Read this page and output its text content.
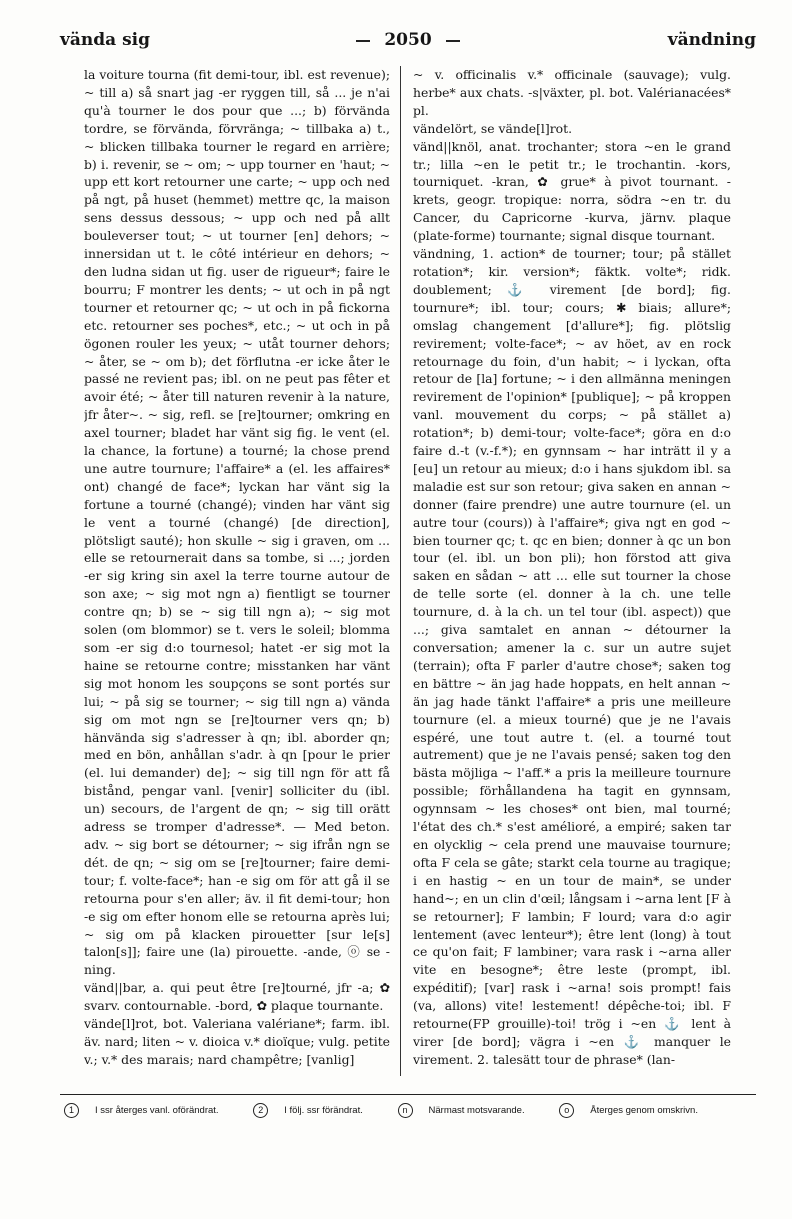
vända sig	2050	vändning

la voiture tourna (fit demi-tour, ibl. est revenue); ~ till a) så snart jag -er ryggen till, så ... je n'ai qu'à tourner le dos pour que ...; b) förvända tordre, se förvända, förvränga; ~ tillbaka a) t., ~ blicken tillbaka tourner le regard en arrière; b) i. revenir, se ~ om; ~ upp tourner en 'haut; ~ upp ett kort retourner une carte; ~ upp och ned på ngt, på huset (hemmet) mettre qc, la maison sens dessus dessous; ~ upp och ned på allt bouleverser tout; ~ ut tourner [en] dehors; ~ innersidan ut t. le côté intérieur en dehors; ~ den ludna sidan ut fig. user de rigueur*; faire le bourru; F montrer les dents; ~ ut och in på ngt tourner et retourner qc; ~ ut och in på fickorna etc. retourner ses poches*, etc.; ~ ut och in på ögonen rouler les yeux; ~ utåt tourner dehors; ~ åter, se ~ om b); det förflutna -er icke åter le passé ne revient pas; ibl. on ne peut pas fêter et avoir été; ~ åter till naturen revenir à la nature, jfr åter~. ~ sig, refl. se [re]tourner; omkring en axel tourner; bladet har vänt sig fig. le vent (el. la chance, la fortune) a tourné; la chose prend une autre tournure; l'affaire* a (el. les affaires* ont) changé de face*; lyckan har vänt sig la fortune a tourné (changé); vinden har vänt sig le vent a tourné (changé) [de direction], plötsligt sauté); hon skulle ~ sig i graven, om ... elle se retournerait dans sa tombe, si ...; jorden -er sig kring sin axel la terre tourne autour de son axe; ~ sig mot ngn a) fientligt se tourner contre qn; b) se ~ sig till ngn a); ~ sig mot solen (om blommor) se t. vers le soleil; blomma som -er sig d:o tournesol; hatet -er sig mot la haine se retourne contre; misstanken har vänt sig mot honom les soupçons se sont portés sur lui; ~ på sig se tourner; ~ sig till ngn a) vända sig om mot ngn se [re]tourner vers qn; b) hänvända sig s'adresser à qn; ibl. aborder qn; med en bön, anhållan s'adr. à qn [pour le prier (el. lui demander) de]; ~ sig till ngn för att få bistånd, pengar vanl. [venir] solliciter du (ibl. un) secours, de l'argent de qn; ~ sig till orätt adress se tromper d'adresse*. — Med beton. adv. ~ sig bort se détourner; ~ sig ifrån ngn se dét. de qn; ~ sig om se [re]tourner; faire demi-tour; f. volte-face*; han -e sig om för att gå il se retourna pour s'en aller; äv. il fit demi-tour; hon -e sig om efter honom elle se retourna après lui; ~ sig om på klacken pirouetter [sur le[s] talon[s]]; faire une (la) pirouette. -ande, ⓞ se -ning.

vänd||bar, a. qui peut être [re]tourné, jfr -a; ✿ svarv. contournable. -bord, ✿ plaque tournante.

vände[l]rot, bot. Valeriana valériane*; farm. ibl. äv. nard; liten ~ v. dioica v.* dioïque; vulg. petite v.; v.* des marais; nard champêtre; [vanlig]

~ v. officinalis v.* officinale (sauvage); vulg. herbe* aux chats. -s|växter, pl. bot. Valérianacées* pl.

vändelört, se vände[l]rot.

vänd||knöl, anat. trochanter; stora ~en le grand tr.; lilla ~en le petit tr.; le trochantin. -kors, tourniquet. -kran, ✿ grue* à pivot tournant. -krets, geogr. tropique: norra, södra ~en tr. du Cancer, du Capricorne -kurva, järnv. plaque (plate-forme) tournante; signal disque tournant.

vändning, 1. action* de tourner; tour; på stället rotation*; kir. version*; fäktk. volte*; ridk. doublement; ⚓ virement [de bord]; fig. tournure*; ibl. tour; cours; ✱ biais; allure*; omslag changement [d'allure*]; fig. plötslig revirement; volte-face*; ~ av höet, av en rock retournage du foin, d'un habit; ~ i lyckan, ofta retour de [la] fortune; ~ i den allmänna meningen revirement de l'opinion* [publique]; ~ på kroppen vanl. mouvement du corps; ~ på stället a) rotation*; b) demi-tour; volte-face*; göra en d:o faire d.-t (v.-f.*); en gynnsam ~ har inträtt il y a [eu] un retour au mieux; d:o i hans sjukdom ibl. sa maladie est sur son retour; giva saken en annan ~ donner (faire prendre) une autre tournure (el. un autre tour (cours)) à l'affaire*; giva ngt en god ~ bien tourner qc; t. qc en bien; donner à qc un bon tour (el. ibl. un bon pli); hon förstod att giva saken en sådan ~ att ... elle sut tourner la chose de telle sorte (el. donner à la ch. une telle tournure, d. à la ch. un tel tour (ibl. aspect)) que ...; giva samtalet en annan ~ détourner la conversation; amener la c. sur un autre sujet (terrain); ofta F parler d'autre chose*; saken tog en bättre ~ än jag hade hoppats, en helt annan ~ än jag hade tänkt l'affaire* a pris une meilleure tournure (el. a mieux tourné) que je ne l'avais espéré, une tout autre t. (el. a tourné tout autrement) que je ne l'avais pensé; saken tog den bästa möjliga ~ l'aff.* a pris la meilleure tournure possible; förhållandena ha tagit en gynnsam, ogynnsam ~ les choses* ont bien, mal tourné; l'état des ch.* s'est amélioré, a empiré; saken tar en olycklig ~ cela prend une mauvaise tournure; ofta F cela se gâte; starkt cela tourne au tragique; i en hastig ~ en un tour de main*, se under hand~; en un clin d'œil; långsam i ~arna lent [F à se retourner]; F lambin; F lourd; vara d:o agir lentement (avec lenteur*); être lent (long) à tout ce qu'on fait; F lambiner; vara rask i ~arna aller vite en besogne*; être leste (prompt, ibl. expéditif); [var] rask i ~arna! sois prompt! fais (va, allons) vite! lestement! dépêche-toi; ibl. F retourne(FP grouille)-toi! trög i ~en ⚓ lent à virer [de bord]; vägra i ~en ⚓ manquer le virement. 2. talesätt tour de phrase* (lan-

1 I ssr återges vanl. oförändrat.	2 I följ. ssr förändrat.	n Närmast motsvarande.	o Återges genom omskrivn.
